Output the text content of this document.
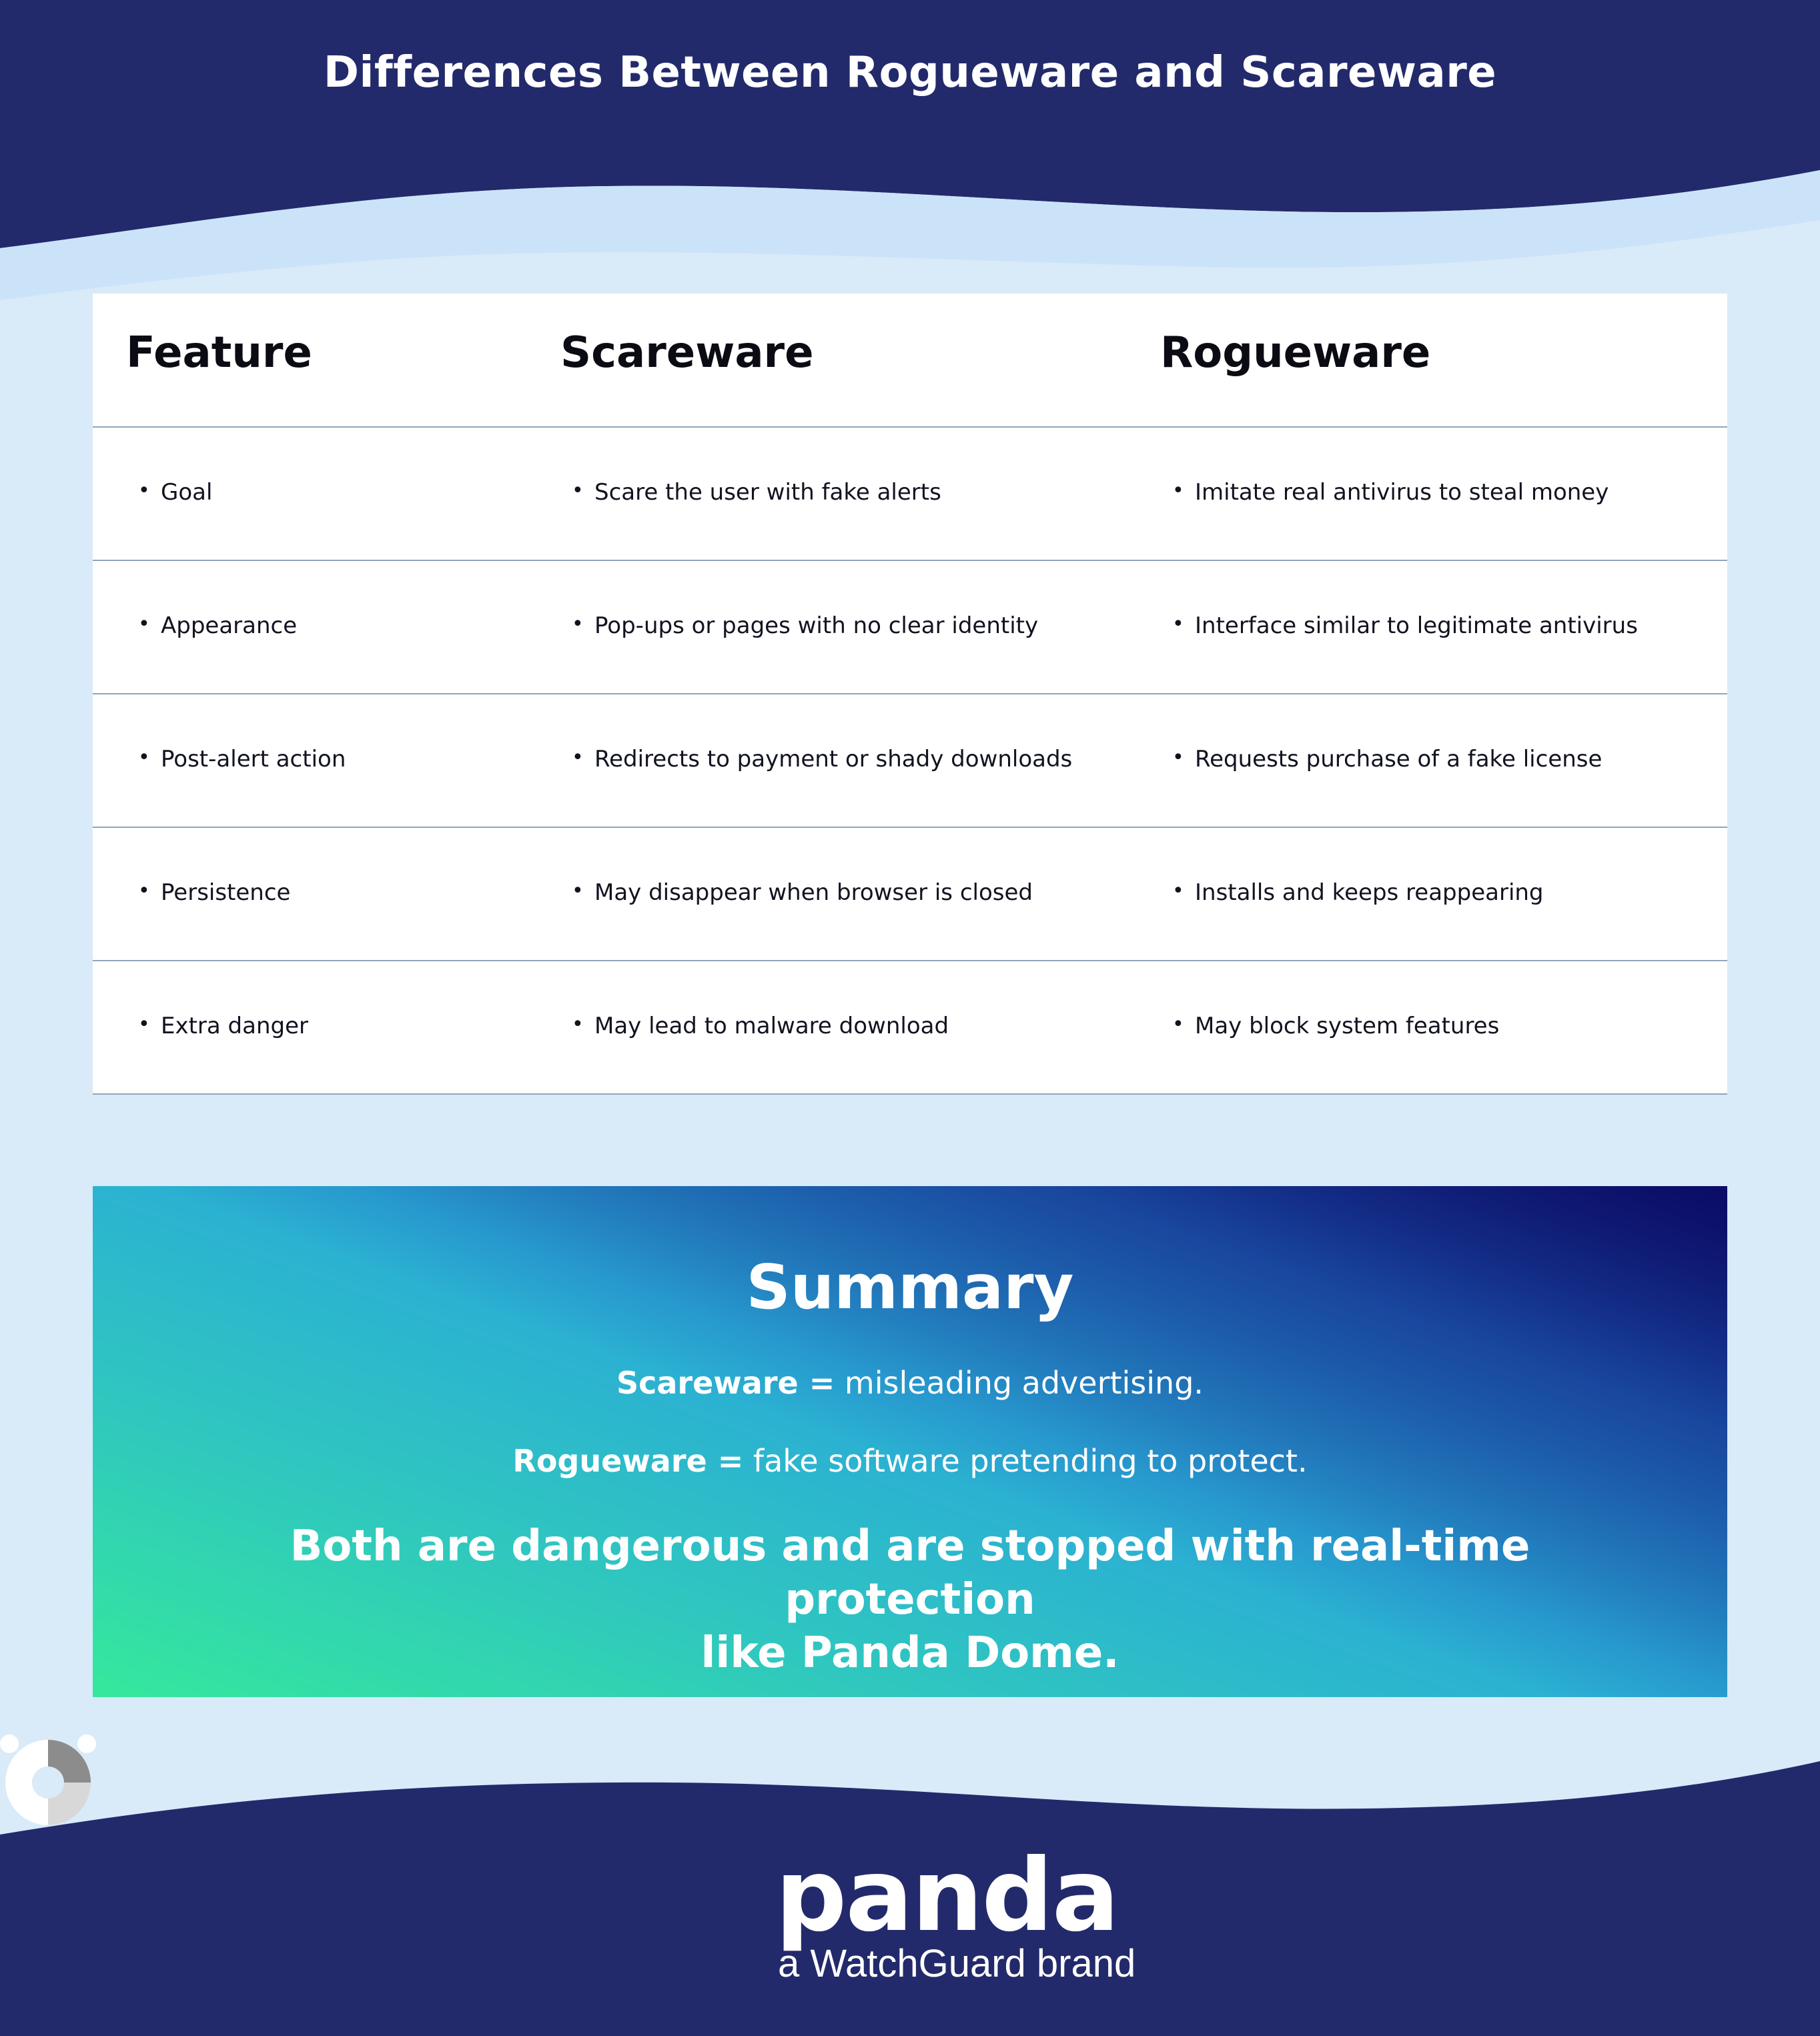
Differences Between Rogueware and Scareware
Feature	Scareware	Rogueware
• Goal	• Scare the user with fake alerts	• Imitate real antivirus to steal money
• Appearance	• Pop-ups or pages with no clear identity	• Interface similar to legitimate antivirus
• Post-alert action	• Redirects to payment or shady downloads	• Requests purchase of a fake license
• Persistence	• May disappear when browser is closed	• Installs and keeps reappearing
• Extra danger	• May lead to malware download	• May block system features
Summary
Scareware = misleading advertising.
Rogueware = fake software pretending to protect.
Both are dangerous and are stopped with real-time protection
like Panda Dome.
panda
a WatchGuard brand
